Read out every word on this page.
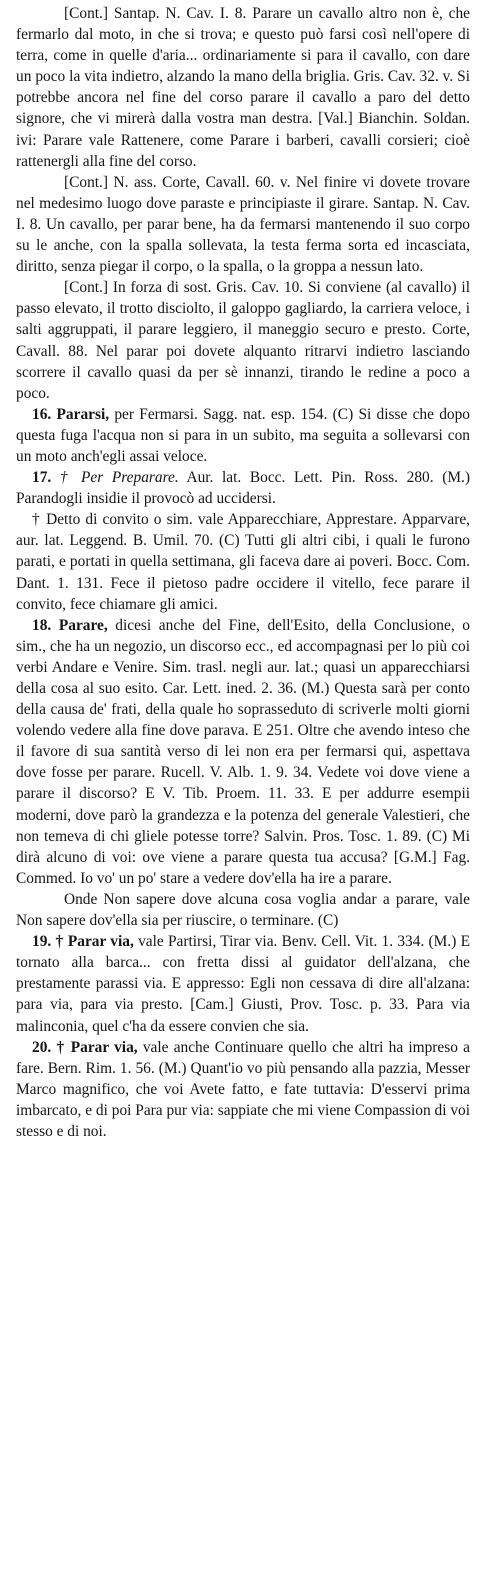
[Cont.] Santap. N. Cav. I. 8. Parare un cavallo altro non è, che fermarlo dal moto, in che si trova; e questo può farsi così nell'opere di terra, come in quelle d'aria... ordinariamente si para il cavallo, con dare un poco la vita indietro, alzando la mano della briglia. Gris. Cav. 32. v. Si potrebbe ancora nel fine del corso parare il cavallo a paro del detto signore, che vi mirerà dalla vostra man destra. [Val.] Bianchin. Soldan. ivi: Parare vale Rattenere, come Parare i barberi, cavalli corsieri; cioè rattenergli alla fine del corso.

[Cont.] N. ass. Corte, Cavall. 60. v. Nel finire vi dovete trovare nel medesimo luogo dove paraste e principiaste il girare. Santap. N. Cav. I. 8. Un cavallo, per parar bene, ha da fermarsi mantenendo il suo corpo su le anche, con la spalla sollevata, la testa ferma sorta ed incasciata, diritto, senza piegar il corpo, o la spalla, o la groppa a nessun lato.

[Cont.] In forza di sost. Gris. Cav. 10. Si conviene (al cavallo) il passo elevato, il trotto disciolto, il galoppo gagliardo, la carriera veloce, i salti aggruppati, il parare leggiero, il maneggio securo e presto. Corte, Cavall. 88. Nel parar poi dovete alquanto ritrarvi indietro lasciando scorrere il cavallo quasi da per sè innanzi, tirando le redine a poco a poco.

16. Pararsi, per Fermarsi. Sagg. nat. esp. 154. (C) Si disse che dopo questa fuga l'acqua non si para in un subito, ma seguita a sollevarsi con un moto anch'egli assai veloce.

17. † Per Preparare. Aur. lat. Bocc. Lett. Pin. Ross. 280. (M.) Parandogli insidie il provocò ad uccidersi.

† Detto di convito o sim. vale Apparecchiare, Apprestare. Apparvare, aur. lat. Leggend. B. Umil. 70. (C) Tutti gli altri cibi, i quali le furono parati, e portati in quella settimana, gli faceva dare ai poveri. Bocc. Com. Dant. 1. 131. Fece il pietoso padre occidere il vitello, fece parare il convito, fece chiamare gli amici.

18. Parare, dicesi anche del Fine, dell'Esito, della Conclusione, o sim., che ha un negozio, un discorso ecc., ed accompagnasi per lo più coi verbi Andare e Venire. Sim. trasl. negli aur. lat.; quasi un apparecchiarsi della cosa al suo esito. Car. Lett. ined. 2. 36. (M.) Questa sarà per conto della causa de' frati, della quale ho soprasseduto di scriverle molti giorni volendo vedere alla fine dove parava. E 251. Oltre che avendo inteso che il favore di sua santità verso di lei non era per fermarsi qui, aspettava dove fosse per parare. Rucell. V. Alb. 1. 9. 34. Vedete voi dove viene a parare il discorso? E V. Tib. Proem. 11. 33. E per addurre esempii moderni, dove parò la grandezza e la potenza del generale Valestieri, che non temeva di chi gliele potesse torre? Salvin. Pros. Tosc. 1. 89. (C) Mi dirà alcuno di voi: ove viene a parare questa tua accusa? [G.M.] Fag. Commed. Io vo' un po' stare a vedere dov'ella ha ire a parare.

Onde Non sapere dove alcuna cosa voglia andar a parare, vale Non sapere dov'ella sia per riuscire, o terminare. (C)

19. † Parar via, vale Partirsi, Tirar via. Benv. Cell. Vit. 1. 334. (M.) E tornato alla barca... con fretta dissi al guidator dell'alzana, che prestamente parassi via. E appresso: Egli non cessava di dire all'alzana: para via, para via presto. [Cam.] Giusti, Prov. Tosc. p. 33. Para via malinconia, quel c'ha da essere convien che sia.

20. † Parar via, vale anche Continuare quello che altri ha impreso a fare. Bern. Rim. 1. 56. (M.) Quant'io vo più pensando alla pazzia, Messer Marco magnifico, che voi Avete fatto, e fate tuttavia: D'esservi prima imbarcato, e di poi Para pur via: sappiate che mi viene Compassion di voi stesso e di noi.
